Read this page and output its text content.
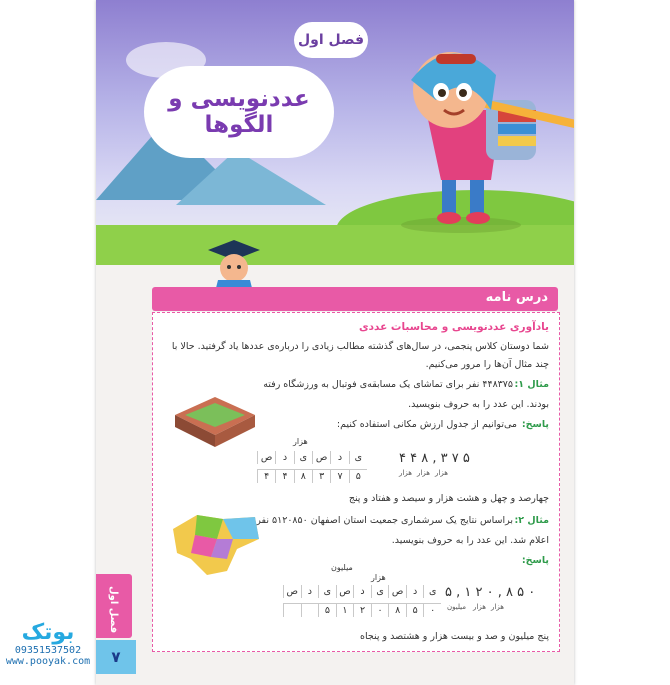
فصل اول
عددنویسی و
الگوها
درس نامه
یادآوری عددنویسی و محاسبات عددی
شما دوستان کلاس پنجمی، در سال‌های گذشته مطالب زیادی را درباره‌ی عددها یاد گرفتید. حالا با
چند مثال آن‌ها را مرور می‌کنیم.
مثال ۱:
۴۴۸۳۷۵ نفر برای تماشای یک مسابقه‌ی فوتبال به ورزشگاه رفته
بودند. این عدد را به حروف بنویسید.
پاسخ:
می‌توانیم از جدول ارزش مکانی استفاده کنیم:
هزار
ی
د
ص
ی
د
ص
۵
۷
۳
۸
۴
۴
۴ ۴ ۸ , ۳ ۷ ۵
هزار هزار هزار
چهارصد و چهل و هشت هزار و سیصد و هفتاد و پنج
مثال ۲:
براساس نتایج یک سرشماری جمعیت استان اصفهان ۵۱۲۰۸۵۰ نفر
اعلام شد. این عدد را به حروف بنویسید.
پاسخ:
هزار
میلیون
ی
د
ص
ی
د
ص
ی
د
ص
۰
۵
۸
۰
۲
۱
۵
۵ , ۱ ۲ ۰ , ۸ ۵ ۰
میلیون هزار هزار
پنج میلیون و صد و بیست هزار و هشتصد و پنجاه
فصل اول
۷
بوتک
09351537502
www.pooyak.com
